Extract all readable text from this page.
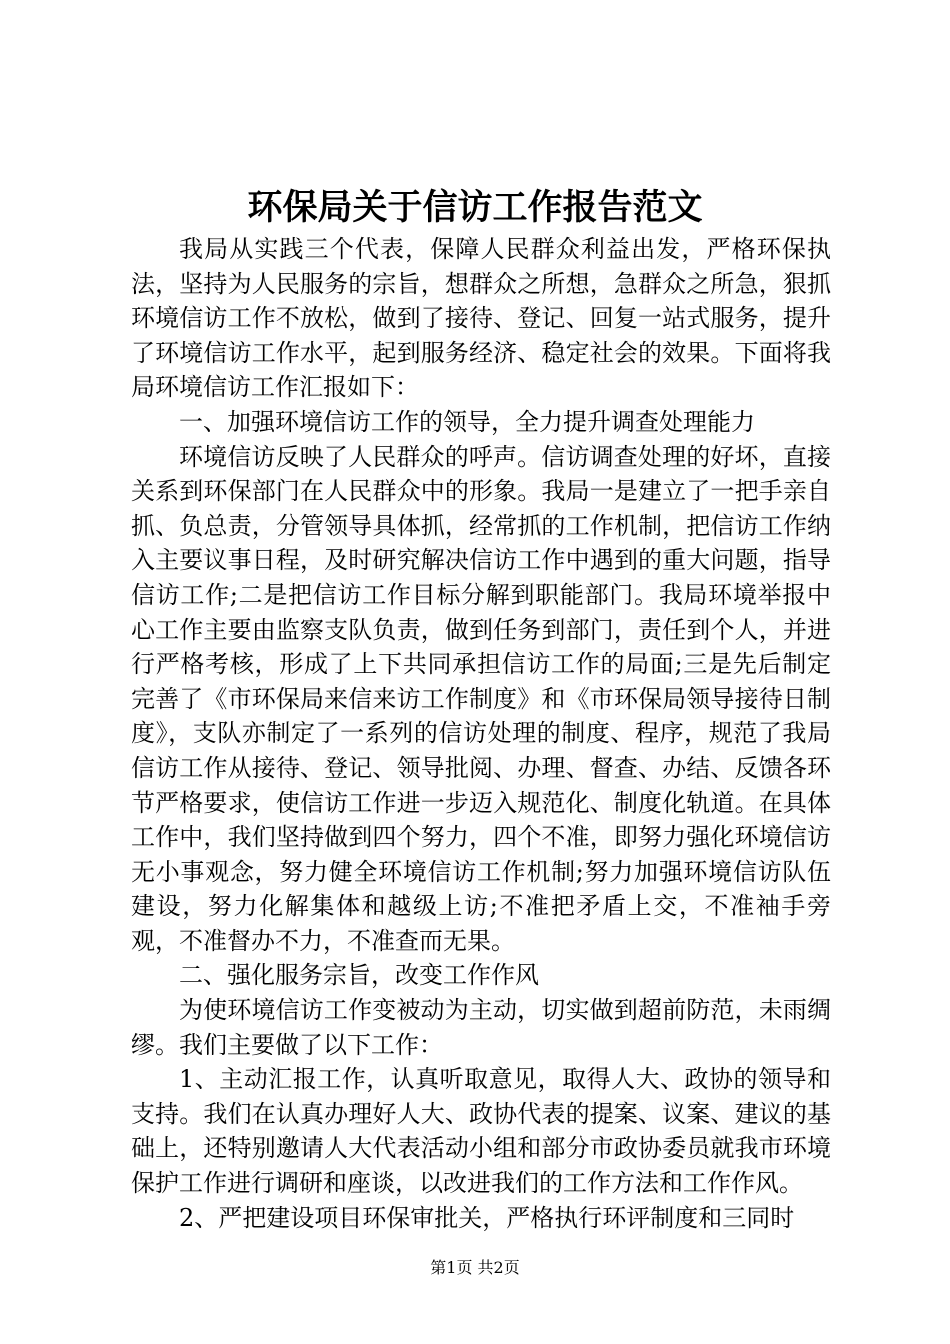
环保局关于信访工作报告范文

我局从实践三个代表，保障人民群众利益出发，严格环保执法，坚持为人民服务的宗旨，想群众之所想，急群众之所急，狠抓环境信访工作不放松，做到了接待、登记、回复一站式服务，提升了环境信访工作水平，起到服务经济、稳定社会的效果。下面将我局环境信访工作汇报如下：

一、加强环境信访工作的领导，全力提升调查处理能力

环境信访反映了人民群众的呼声。信访调查处理的好坏，直接关系到环保部门在人民群众中的形象。我局一是建立了一把手亲自抓、负总责，分管领导具体抓，经常抓的工作机制，把信访工作纳入主要议事日程，及时研究解决信访工作中遇到的重大问题，指导信访工作;二是把信访工作目标分解到职能部门。我局环境举报中心工作主要由监察支队负责，做到任务到部门，责任到个人，并进行严格考核，形成了上下共同承担信访工作的局面;三是先后制定完善了《市环保局来信来访工作制度》和《市环保局领导接待日制度》，支队亦制定了一系列的信访处理的制度、程序，规范了我局信访工作从接待、登记、领导批阅、办理、督查、办结、反馈各环节严格要求，使信访工作进一步迈入规范化、制度化轨道。在具体工作中，我们坚持做到四个努力，四个不准，即努力强化环境信访无小事观念，努力健全环境信访工作机制;努力加强环境信访队伍建设，努力化解集体和越级上访;不准把矛盾上交，不准袖手旁观，不准督办不力，不准查而无果。

二、强化服务宗旨，改变工作作风

为使环境信访工作变被动为主动，切实做到超前防范，未雨绸缪。我们主要做了以下工作：

1、主动汇报工作，认真听取意见，取得人大、政协的领导和支持。我们在认真办理好人大、政协代表的提案、议案、建议的基础上，还特别邀请人大代表活动小组和部分市政协委员就我市环境保护工作进行调研和座谈，以改进我们的工作方法和工作作风。

2、严把建设项目环保审批关，严格执行环评制度和三同时

第1页 共2页
